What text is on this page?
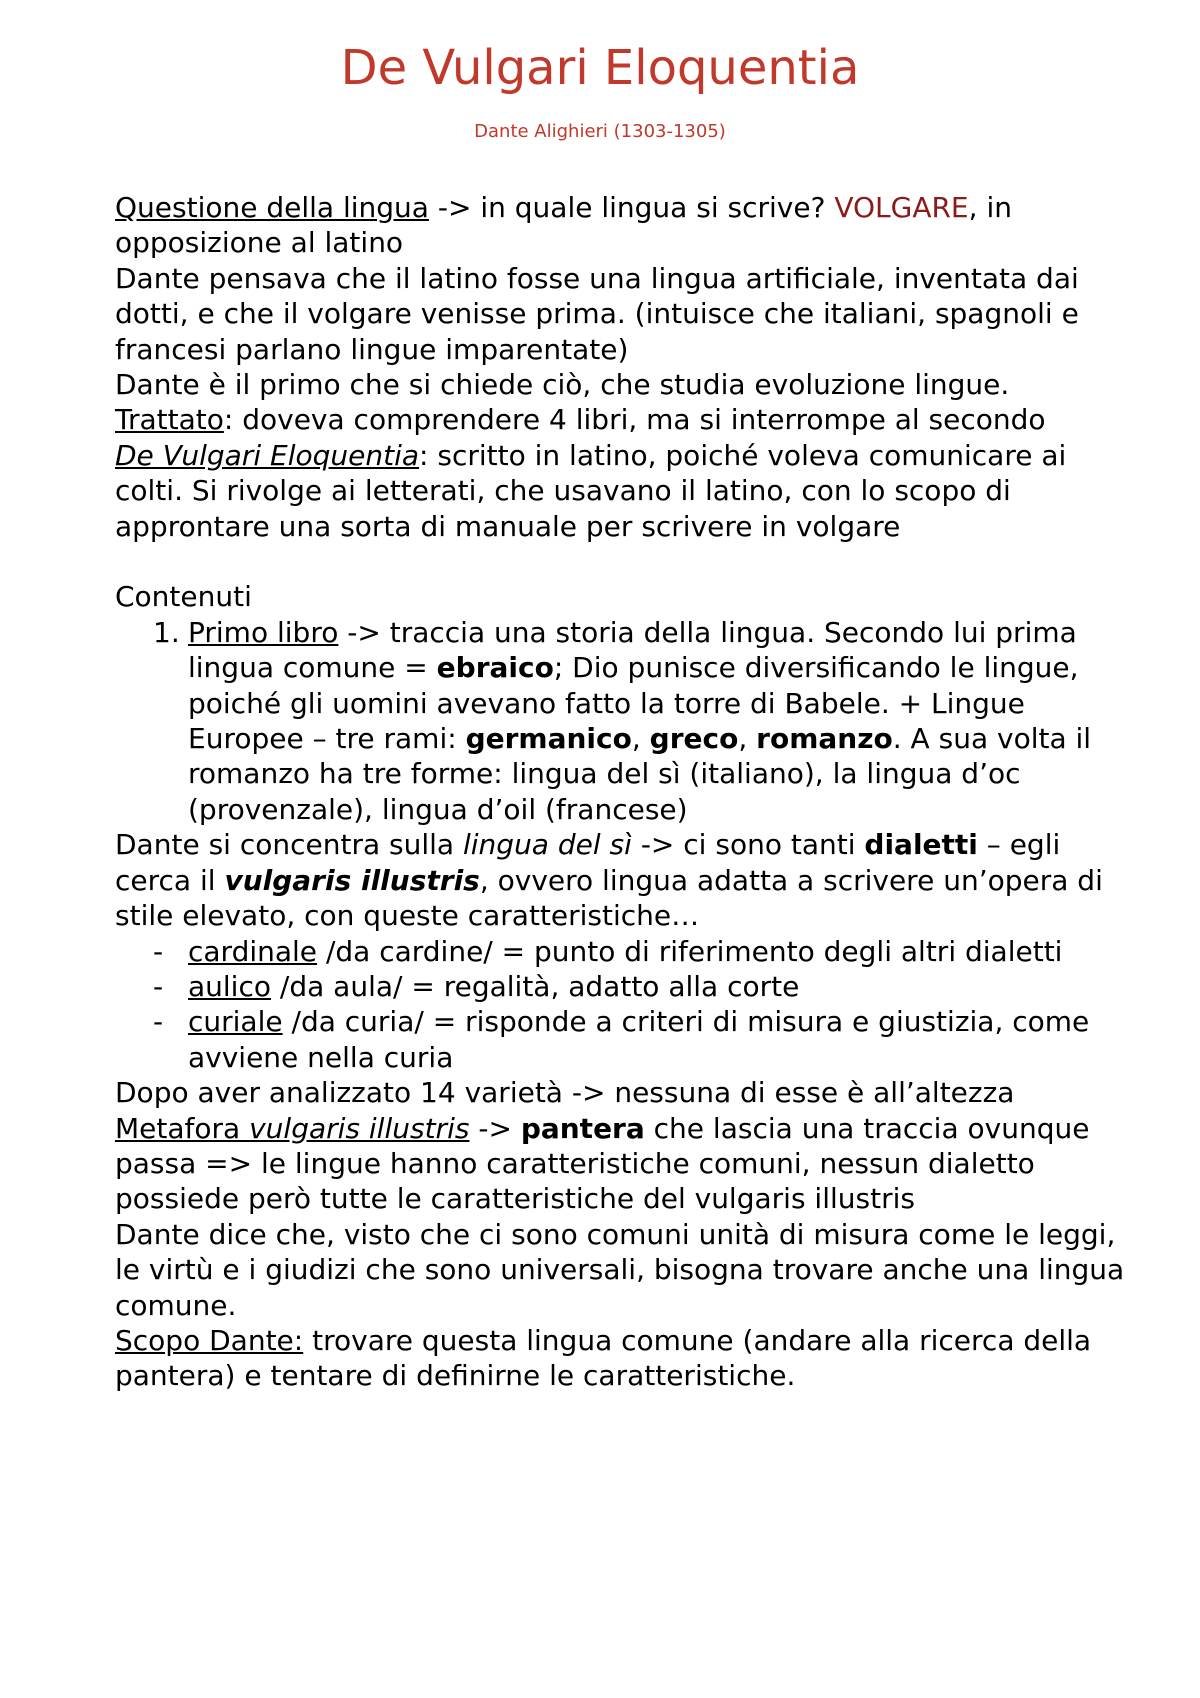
De Vulgari Eloquentia
Dante Alighieri (1303-1305)

Questione della lingua -> in quale lingua si scrive? VOLGARE, in opposizione al latino

Dante pensava che il latino fosse una lingua artificiale, inventata dai dotti, e che il volgare venisse prima. (intuisce che italiani, spagnoli e francesi parlano lingue imparentate)

Dante è il primo che si chiede ciò, che studia evoluzione lingue.

Trattato: doveva comprendere 4 libri, ma si interrompe al secondo

De Vulgari Eloquentia: scritto in latino, poiché voleva comunicare ai colti. Si rivolge ai letterati, che usavano il latino, con lo scopo di approntare una sorta di manuale per scrivere in volgare

Contenuti

1. Primo libro -> traccia una storia della lingua. Secondo lui prima lingua comune = ebraico; Dio punisce diversificando le lingue, poiché gli uomini avevano fatto la torre di Babele. + Lingue Europee – tre rami: germanico, greco, romanzo. A sua volta il romanzo ha tre forme: lingua del sì (italiano), la lingua d’oc (provenzale), lingua d’oil (francese)

Dante si concentra sulla lingua del sì -> ci sono tanti dialetti – egli cerca il vulgaris illustris, ovvero lingua adatta a scrivere un’opera di stile elevato, con queste caratteristiche…

- cardinale /da cardine/ = punto di riferimento degli altri dialetti
- aulico /da aula/ = regalità, adatto alla corte
- curiale /da curia/ = risponde a criteri di misura e giustizia, come avviene nella curia

Dopo aver analizzato 14 varietà -> nessuna di esse è all’altezza

Metafora vulgaris illustris -> pantera che lascia una traccia ovunque passa => le lingue hanno caratteristiche comuni, nessun dialetto possiede però tutte le caratteristiche del vulgaris illustris

Dante dice che, visto che ci sono comuni unità di misura come le leggi, le virtù e i giudizi che sono universali, bisogna trovare anche una lingua comune.

Scopo Dante: trovare questa lingua comune (andare alla ricerca della pantera) e tentare di definirne le caratteristiche.
